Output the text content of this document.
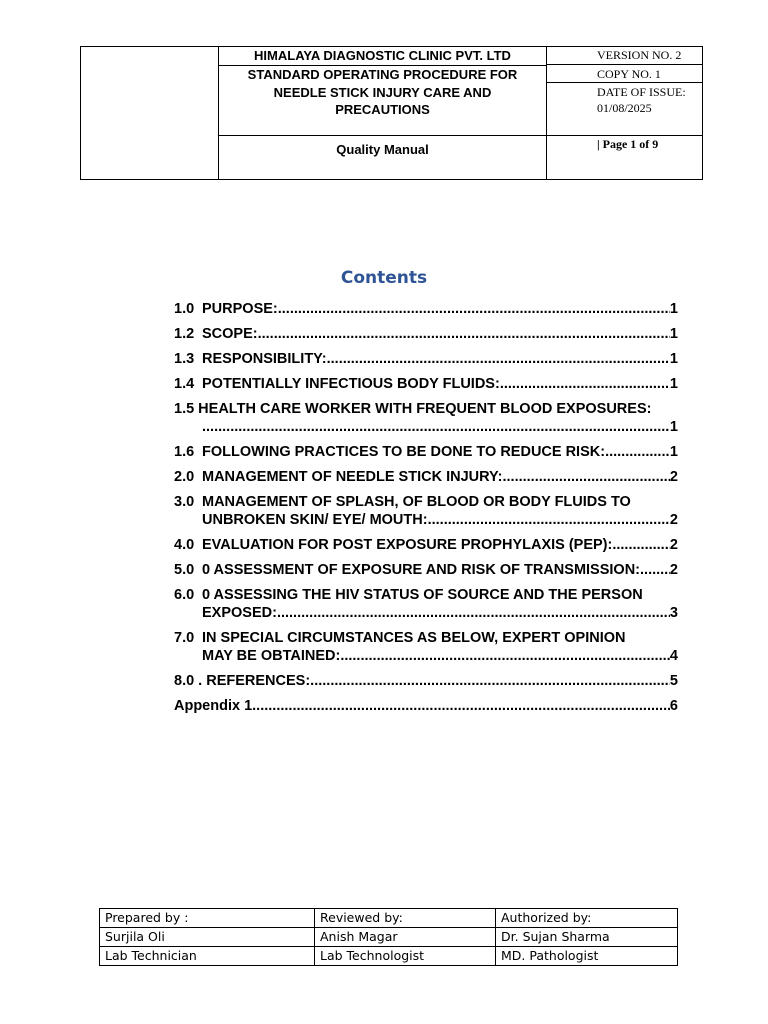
HIMALAYA DIAGNOSTIC CLINIC PVT. LTD
STANDARD OPERATING PROCEDURE FOR NEEDLE STICK INJURY CARE AND PRECAUTIONS
Quality Manual
VERSION NO. 2
COPY NO. 1
DATE OF ISSUE:
01/08/2025
| Page 1 of 9
Contents
1.0 PURPOSE: .....	1
1.2 SCOPE: .....	1
1.3 RESPONSIBILITY: .....	1
1.4 POTENTIALLY INFECTIOUS BODY FLUIDS: .....	1
1.5 HEALTH CARE WORKER WITH FREQUENT BLOOD EXPOSURES:
.....
1
1.6 FOLLOWING PRACTICES TO BE DONE TO REDUCE RISK: .....	1
2.0 MANAGEMENT OF NEEDLE STICK INJURY: .....	2
3.0 MANAGEMENT OF SPLASH, OF BLOOD OR BODY FLUIDS TO
UNBROKEN SKIN/ EYE/ MOUTH: .....	2
4.0 EVALUATION FOR POST EXPOSURE PROPHYLAXIS (PEP): .....	2
5.0 0 ASSESSMENT OF EXPOSURE AND RISK OF TRANSMISSION: ..... 2
6.0 0 ASSESSING THE HIV STATUS OF SOURCE AND THE PERSON
EXPOSED: .....	3
7.0 IN SPECIAL CIRCUMSTANCES AS BELOW, EXPERT OPINION
MAY BE OBTAINED: .....	4
8.0 . REFERENCES: .....	5
Appendix 1 .....	6
Prepared by :	Reviewed by:	Authorized by:
Surjila Oli	Anish Magar	Dr. Sujan Sharma
Lab Technician	Lab Technologist	MD. Pathologist
